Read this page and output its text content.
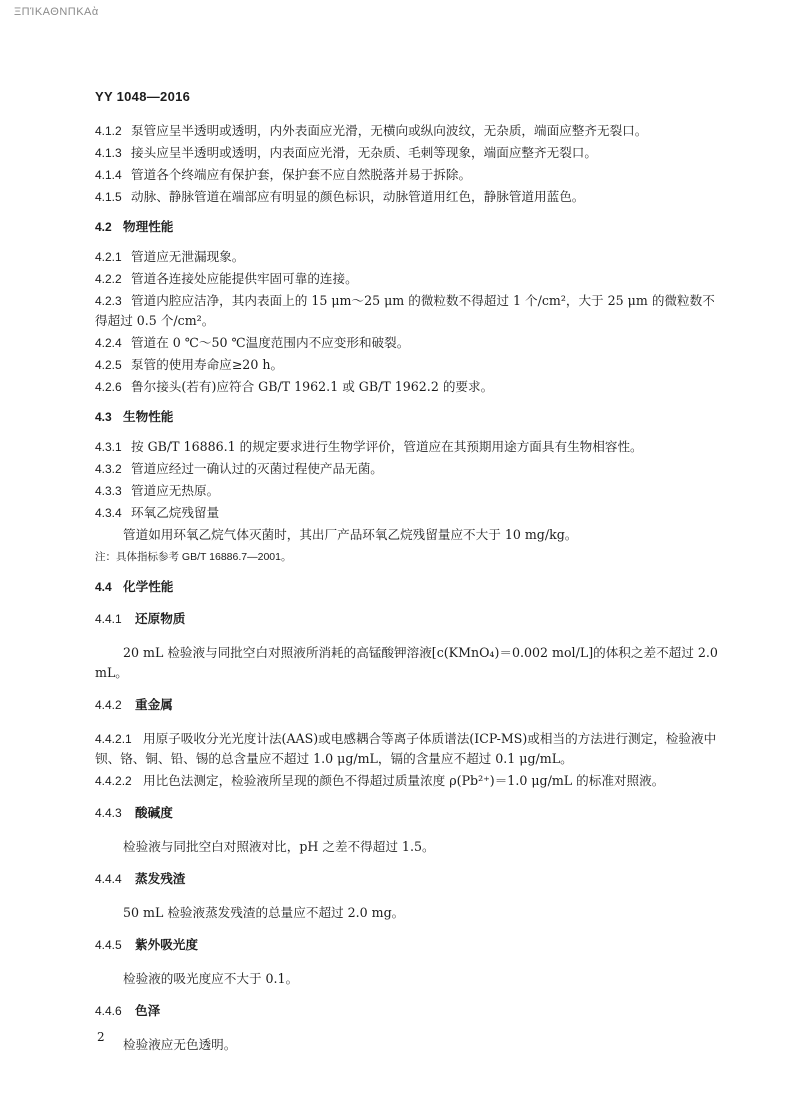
ΞΠΊΚΑΘΝΠΚΑὰ
YY 1048—2016

4.1.2 泵管应呈半透明或透明，内外表面应光滑，无横向或纵向波纹，无杂质，端面应整齐无裂口。

4.1.3 接头应呈半透明或透明，内表面应光滑，无杂质、毛刺等现象，端面应整齐无裂口。

4.1.4 管道各个终端应有保护套，保护套不应自然脱落并易于拆除。

4.1.5 动脉、静脉管道在端部应有明显的颜色标识，动脉管道用红色，静脉管道用蓝色。

4.2 物理性能

4.2.1 管道应无泄漏现象。

4.2.2 管道各连接处应能提供牢固可靠的连接。

4.2.3 管道内腔应洁净，其内表面上的 15 μm～25 μm 的微粒数不得超过 1 个/cm²，大于 25 μm 的微粒数不得超过 0.5 个/cm²。

4.2.4 管道在 0 ℃～50 ℃温度范围内不应变形和破裂。

4.2.5 泵管的使用寿命应≥20 h。

4.2.6 鲁尔接头(若有)应符合 GB/T 1962.1 或 GB/T 1962.2 的要求。

4.3 生物性能

4.3.1 按 GB/T 16886.1 的规定要求进行生物学评价，管道应在其预期用途方面具有生物相容性。

4.3.2 管道应经过一确认过的灭菌过程使产品无菌。

4.3.3 管道应无热原。

4.3.4 环氧乙烷残留量

管道如用环氧乙烷气体灭菌时，其出厂产品环氧乙烷残留量应不大于 10 mg/kg。

注：具体指标参考 GB/T 16886.7—2001。

4.4 化学性能
4.4.1 还原物质

20 mL 检验液与同批空白对照液所消耗的高锰酸钾溶液[c(KMnO₄)＝0.002 mol/L]的体积之差不超过 2.0 mL。

4.4.2 重金属

4.4.2.1 用原子吸收分光光度计法(AAS)或电感耦合等离子体质谱法(ICP-MS)或相当的方法进行测定，检验液中钡、铬、铜、铅、锡的总含量应不超过 1.0 μg/mL，镉的含量应不超过 0.1 μg/mL。

4.4.2.2 用比色法测定，检验液所呈现的颜色不得超过质量浓度 ρ(Pb²⁺)＝1.0 μg/mL 的标准对照液。

4.4.3 酸碱度

检验液与同批空白对照液对比，pH 之差不得超过 1.5。

4.4.4 蒸发残渣

50 mL 检验液蒸发残渣的总量应不超过 2.0 mg。

4.4.5 紫外吸光度

检验液的吸光度应不大于 0.1。

4.4.6 色泽

检验液应无色透明。

2
